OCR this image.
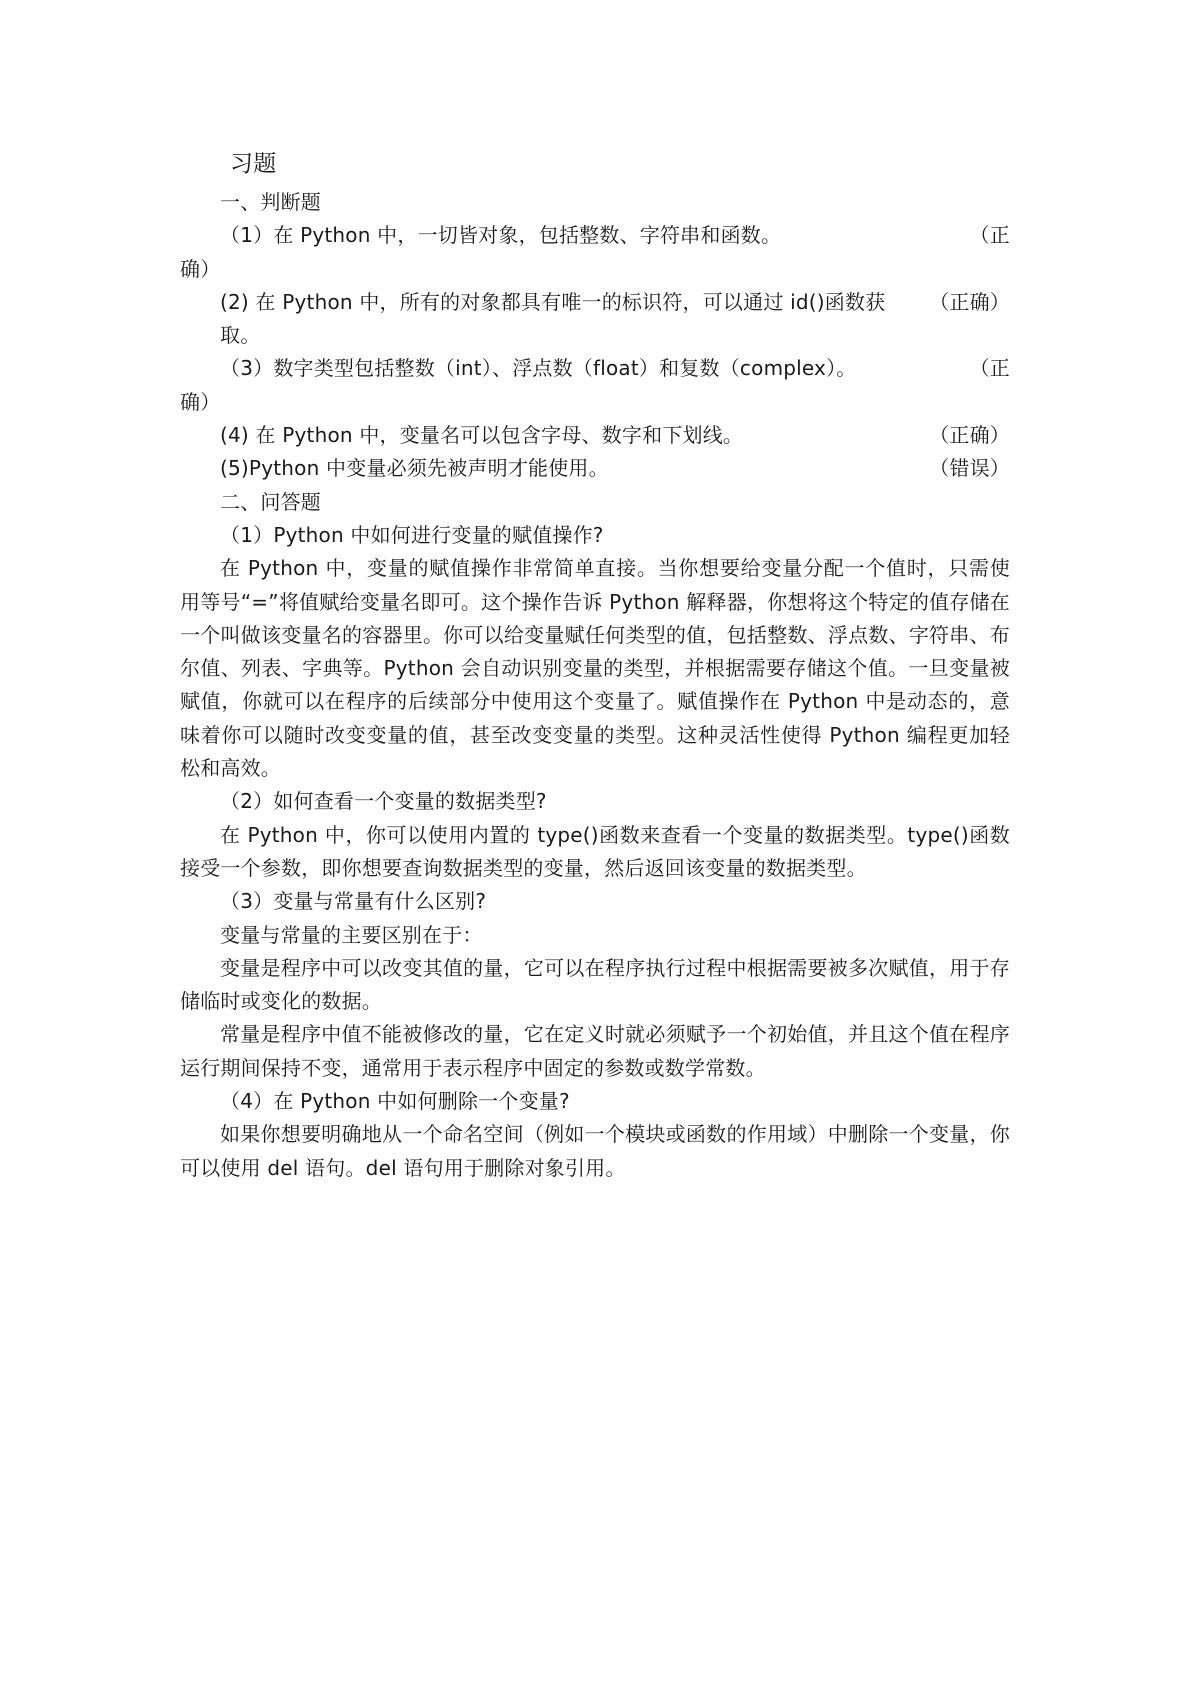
习题

一、判断题

（正
（1）在 Python 中，一切皆对象，包括整数、字符串和函数。

确）

(2) 在 Python 中，所有的对象都具有唯一的标识符，可以通过 id()函数获取。
（正确）

（正
（3）数字类型包括整数（int）、浮点数（float）和复数（complex）。

确）

(4) 在 Python 中，变量名可以包含字母、数字和下划线。	（正确）
(5)Python 中变量必须先被声明才能使用。	（错误）

二、问答题

（1）Python 中如何进行变量的赋值操作?

在 Python 中，变量的赋值操作非常简单直接。当你想要给变量分配一个值时，只需使用等号“=”将值赋给变量名即可。这个操作告诉 Python 解释器，你想将这个特定的值存储在一个叫做该变量名的容器里。你可以给变量赋任何类型的值，包括整数、浮点数、字符串、布尔值、列表、字典等。Python 会自动识别变量的类型，并根据需要存储这个值。一旦变量被赋值，你就可以在程序的后续部分中使用这个变量了。赋值操作在 Python 中是动态的，意味着你可以随时改变变量的值，甚至改变变量的类型。这种灵活性使得 Python 编程更加轻松和高效。

（2）如何查看一个变量的数据类型?

在 Python 中，你可以使用内置的 type()函数来查看一个变量的数据类型。type()函数接受一个参数，即你想要查询数据类型的变量，然后返回该变量的数据类型。

（3）变量与常量有什么区别?

变量与常量的主要区别在于：

变量是程序中可以改变其值的量，它可以在程序执行过程中根据需要被多次赋值，用于存储临时或变化的数据。

常量是程序中值不能被修改的量，它在定义时就必须赋予一个初始值，并且这个值在程序运行期间保持不变，通常用于表示程序中固定的参数或数学常数。

（4）在 Python 中如何删除一个变量?

如果你想要明确地从一个命名空间（例如一个模块或函数的作用域）中删除一个变量，你可以使用 del 语句。del 语句用于删除对象引用。
